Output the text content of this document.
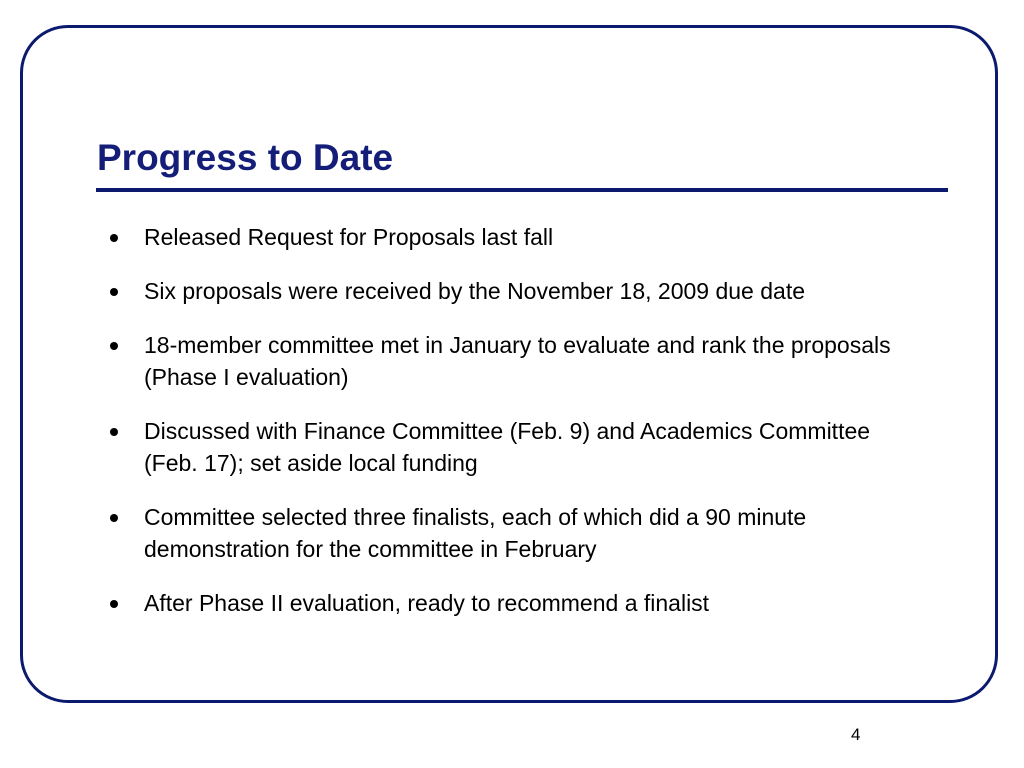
Progress to Date
Released Request for Proposals last fall
Six proposals were received by the November 18, 2009 due date
18-member committee met in January to evaluate and rank the proposals (Phase I evaluation)
Discussed with Finance Committee (Feb. 9) and Academics Committee (Feb. 17); set aside local funding
Committee selected three finalists, each of which did a 90 minute demonstration for the committee in February
After Phase II evaluation, ready to recommend a finalist
4
